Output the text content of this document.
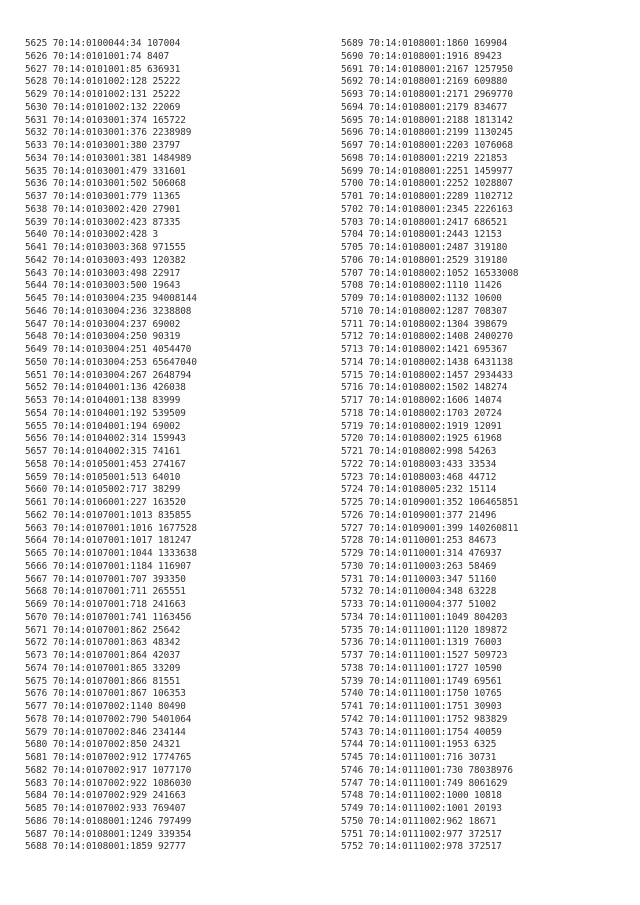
5625 70:14:0100044:34 107004
5626 70:14:0101001:74 8407
5627 70:14:0101001:85 636931
5628 70:14:0101002:128 25222
5629 70:14:0101002:131 25222
5630 70:14:0101002:132 22069
5631 70:14:0103001:374 165722
5632 70:14:0103001:376 2238989
5633 70:14:0103001:380 23797
5634 70:14:0103001:381 1484989
5635 70:14:0103001:479 331601
5636 70:14:0103001:502 506068
5637 70:14:0103001:779 11365
5638 70:14:0103002:420 27901
5639 70:14:0103002:423 87335
5640 70:14:0103002:428 3
5641 70:14:0103003:368 971555
5642 70:14:0103003:493 120382
5643 70:14:0103003:498 22917
5644 70:14:0103003:500 19643
5645 70:14:0103004:235 94008144
5646 70:14:0103004:236 3238808
5647 70:14:0103004:237 69002
5648 70:14:0103004:250 90319
5649 70:14:0103004:251 4054470
5650 70:14:0103004:253 65647040
5651 70:14:0103004:267 2648794
5652 70:14:0104001:136 426038
5653 70:14:0104001:138 83999
5654 70:14:0104001:192 539509
5655 70:14:0104001:194 69002
5656 70:14:0104002:314 159943
5657 70:14:0104002:315 74161
5658 70:14:0105001:453 274167
5659 70:14:0105001:513 64010
5660 70:14:0105002:717 38299
5661 70:14:0106001:227 163520
5662 70:14:0107001:1013 835855
5663 70:14:0107001:1016 1677528
5664 70:14:0107001:1017 181247
5665 70:14:0107001:1044 1333638
5666 70:14:0107001:1184 116907
5667 70:14:0107001:707 393350
5668 70:14:0107001:711 265551
5669 70:14:0107001:718 241663
5670 70:14:0107001:741 1163456
5671 70:14:0107001:862 25642
5672 70:14:0107001:863 48342
5673 70:14:0107001:864 42037
5674 70:14:0107001:865 33209
5675 70:14:0107001:866 81551
5676 70:14:0107001:867 106353
5677 70:14:0107002:1140 80490
5678 70:14:0107002:790 5401064
5679 70:14:0107002:846 234144
5680 70:14:0107002:850 24321
5681 70:14:0107002:912 1774765
5682 70:14:0107002:917 1077170
5683 70:14:0107002:922 1086030
5684 70:14:0107002:929 241663
5685 70:14:0107002:933 769407
5686 70:14:0108001:1246 797499
5687 70:14:0108001:1249 339354
5688 70:14:0108001:1859 92777
5689 70:14:0108001:1860 169904
5690 70:14:0108001:1916 89423
5691 70:14:0108001:2167 1257950
5692 70:14:0108001:2169 609880
5693 70:14:0108001:2171 2969770
5694 70:14:0108001:2179 834677
5695 70:14:0108001:2188 1813142
5696 70:14:0108001:2199 1130245
5697 70:14:0108001:2203 1076068
5698 70:14:0108001:2219 221853
5699 70:14:0108001:2251 1459977
5700 70:14:0108001:2252 1028807
5701 70:14:0108001:2289 1102712
5702 70:14:0108001:2345 2226163
5703 70:14:0108001:2417 686521
5704 70:14:0108001:2443 12153
5705 70:14:0108001:2487 319180
5706 70:14:0108001:2529 319180
5707 70:14:0108002:1052 16533008
5708 70:14:0108002:1110 11426
5709 70:14:0108002:1132 10600
5710 70:14:0108002:1287 708307
5711 70:14:0108002:1304 398679
5712 70:14:0108002:1408 2400270
5713 70:14:0108002:1421 695367
5714 70:14:0108002:1438 6431138
5715 70:14:0108002:1457 2934433
5716 70:14:0108002:1502 148274
5717 70:14:0108002:1606 14074
5718 70:14:0108002:1703 20724
5719 70:14:0108002:1919 12091
5720 70:14:0108002:1925 61968
5721 70:14:0108002:998 54263
5722 70:14:0108003:433 33534
5723 70:14:0108003:468 44712
5724 70:14:0108005:232 15114
5725 70:14:0109001:352 106465851
5726 70:14:0109001:377 21496
5727 70:14:0109001:399 140260811
5728 70:14:0110001:253 84673
5729 70:14:0110001:314 476937
5730 70:14:0110003:263 58469
5731 70:14:0110003:347 51160
5732 70:14:0110004:348 63228
5733 70:14:0110004:377 51002
5734 70:14:0111001:1049 804203
5735 70:14:0111001:1120 189872
5736 70:14:0111001:1319 76003
5737 70:14:0111001:1527 509723
5738 70:14:0111001:1727 10590
5739 70:14:0111001:1749 69561
5740 70:14:0111001:1750 10765
5741 70:14:0111001:1751 30903
5742 70:14:0111001:1752 983829
5743 70:14:0111001:1754 40059
5744 70:14:0111001:1953 6325
5745 70:14:0111001:716 30731
5746 70:14:0111001:730 78038976
5747 70:14:0111001:749 8061629
5748 70:14:0111002:1000 10818
5749 70:14:0111002:1001 20193
5750 70:14:0111002:962 18671
5751 70:14:0111002:977 372517
5752 70:14:0111002:978 372517
